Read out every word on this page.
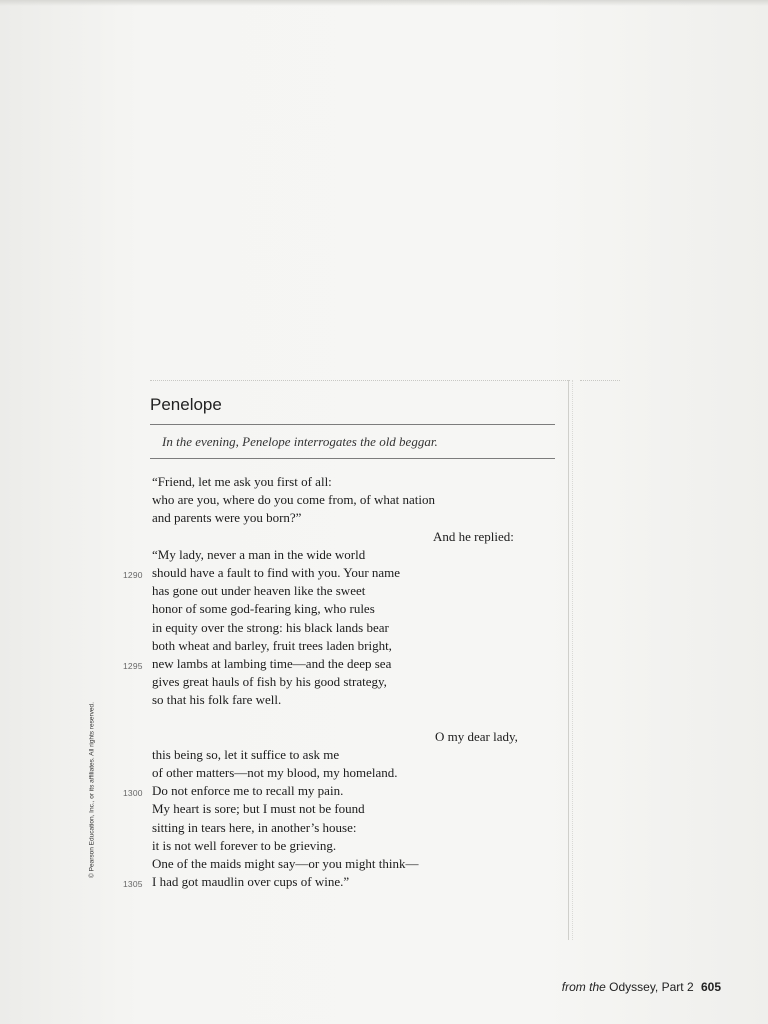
Penelope
In the evening, Penelope interrogates the old beggar.
“Friend, let me ask you first of all:
who are you, where do you come from, of what nation
and parents were you born?”
And he replied:
“My lady, never a man in the wide world
1290 should have a fault to find with you. Your name
has gone out under heaven like the sweet
honor of some god-fearing king, who rules
in equity over the strong: his black lands bear
both wheat and barley, fruit trees laden bright,
1295 new lambs at lambing time—and the deep sea
gives great hauls of fish by his good strategy,
so that his folk fare well.
O my dear lady,
this being so, let it suffice to ask me
of other matters—not my blood, my homeland.
1300 Do not enforce me to recall my pain.
My heart is sore; but I must not be found
sitting in tears here, in another’s house:
it is not well forever to be grieving.
One of the maids might say—or you might think—
1305 I had got maudlin over cups of wine.”
© Pearson Education, Inc., or its affiliates. All rights reserved.
from the Odyssey, Part 2 605
